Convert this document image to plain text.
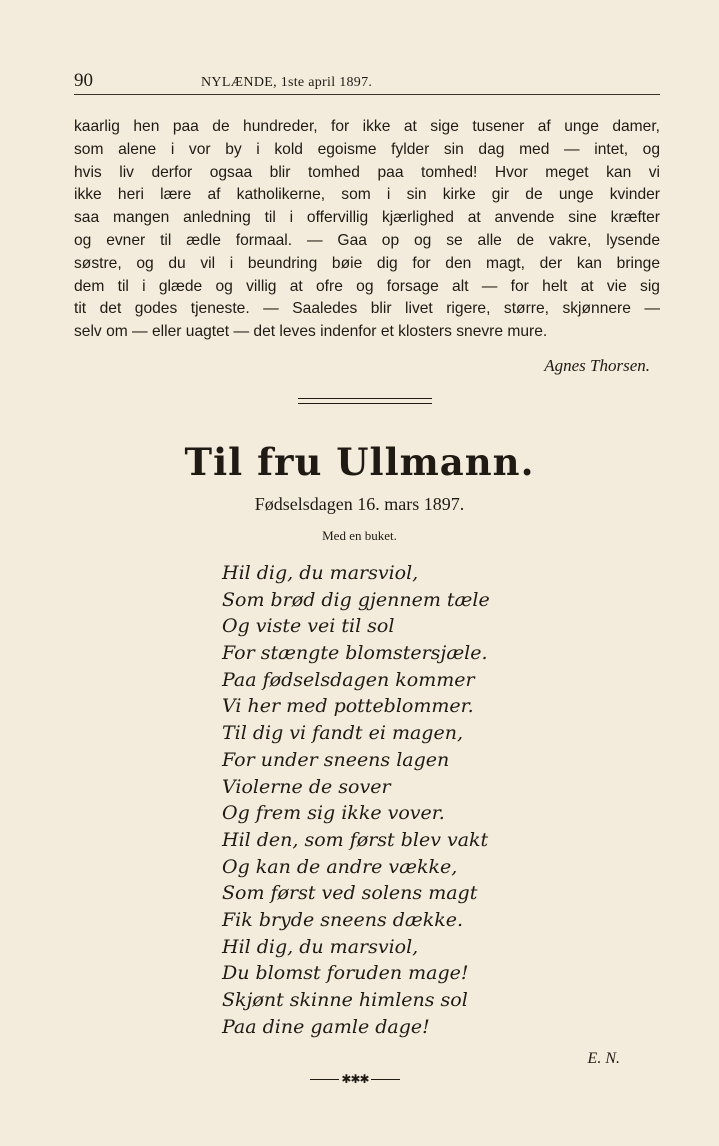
90	NYLÆNDE, 1ste april 1897.
kaarlig hen paa de hundreder, for ikke at sige tusener af unge damer,
som alene i vor by i kold egoisme fylder sin dag med — intet, og
hvis liv derfor ogsaa blir tomhed paa tomhed! Hvor meget kan vi
ikke heri lære af katholikerne, som i sin kirke gir de unge kvinder
saa mangen anledning til i offervillig kjærlighed at anvende sine kræfter
og evner til ædle formaal. — Gaa op og se alle de vakre, lysende
søstre, og du vil i beundring bøie dig for den magt, der kan bringe
dem til i glæde og villig at ofre og forsage alt — for helt at vie sig
tit det godes tjeneste. — Saaledes blir livet rigere, større, skjønnere —
selv om — eller uagtet — det leves indenfor et klosters snevre mure.
Agnes Thorsen.
Til fru Ullmann.
Fødselsdagen 16. mars 1897.
Med en buket.
Hil dig, du marsviol,
Som brød dig gjennem tæle
Og viste vei til sol
For stængte blomstersjæle.
Paa fødselsdagen kommer
Vi her med potteblommer.
Til dig vi fandt ei magen,
For under sneens lagen
Violerne de sover
Og frem sig ikke vover.
Hil den, som først blev vakt
Og kan de andre vække,
Som først ved solens magt
Fik bryde sneens dække.
Hil dig, du marsviol,
Du blomst foruden mage!
Skjønt skinne himlens sol
Paa dine gamle dage!
E. N.
✱✱✱
